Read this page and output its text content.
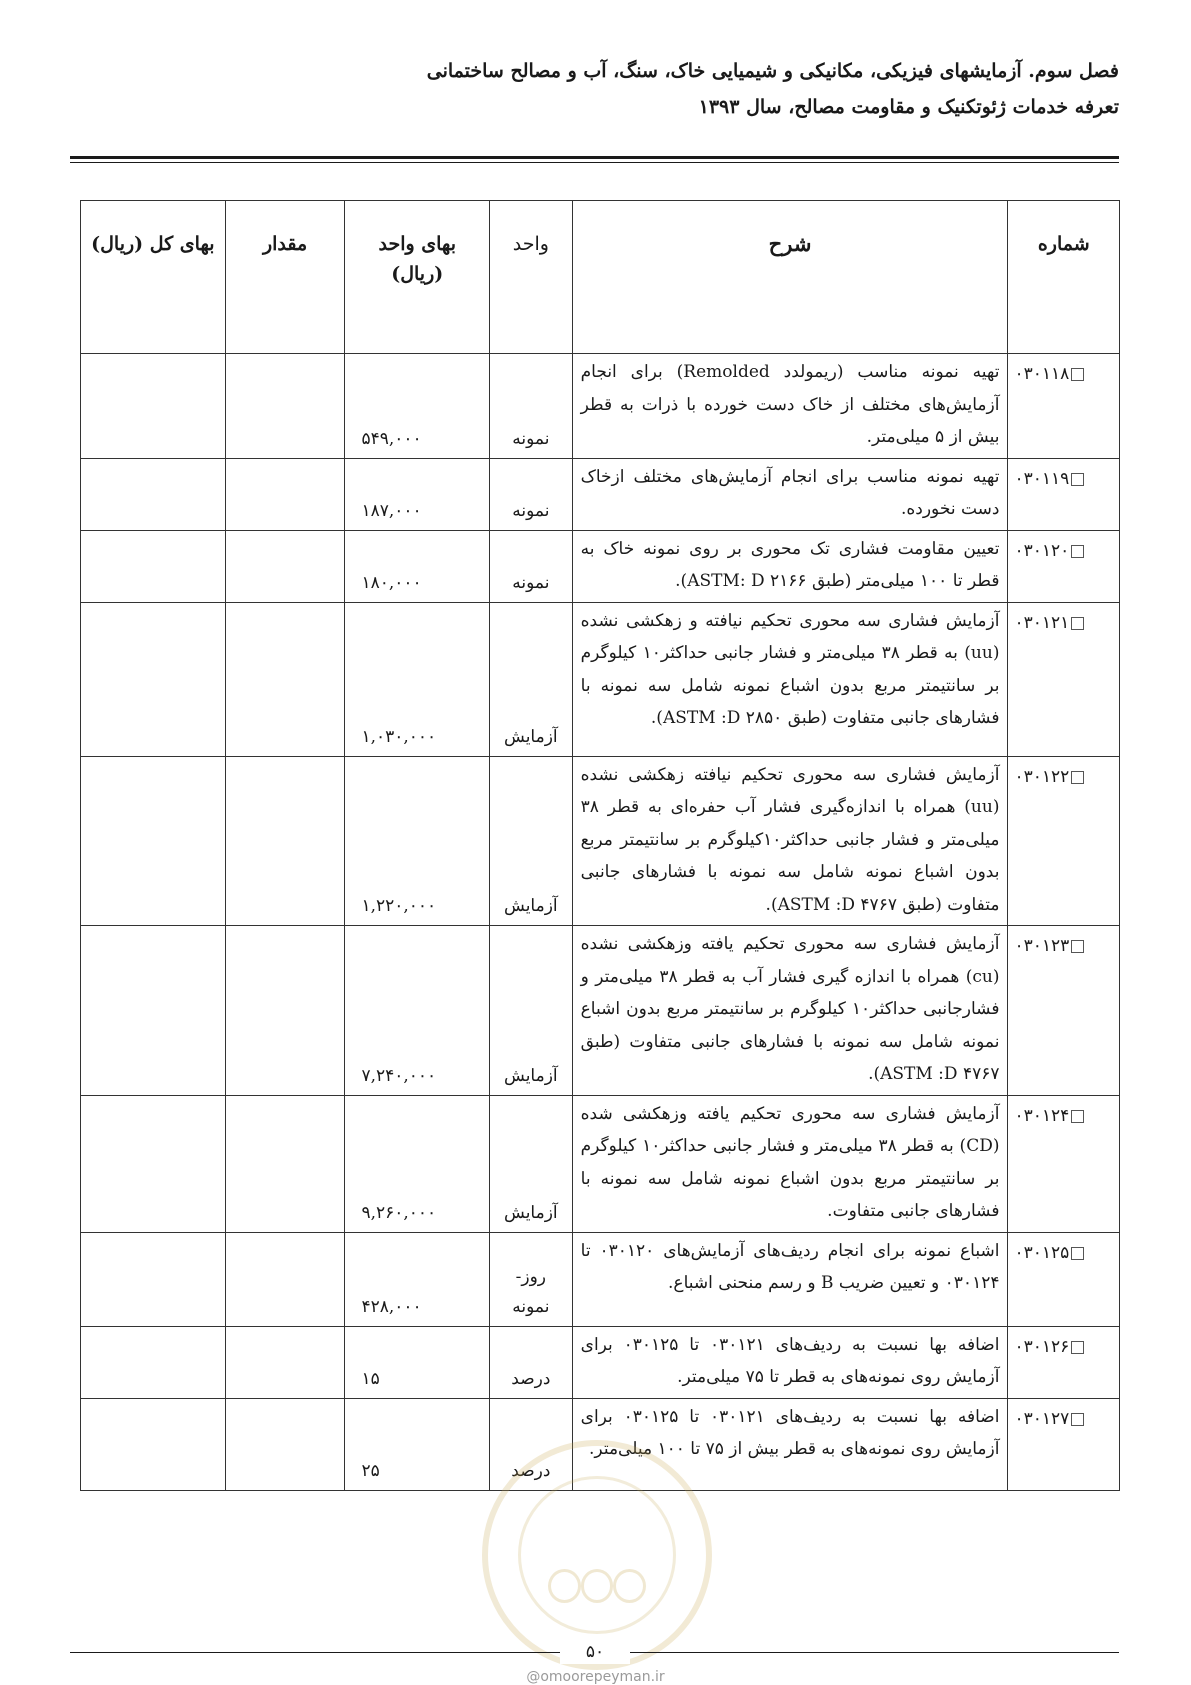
فصل سوم. آزمایشهای فیزیکی، مکانیکی و شیمیایی خاک، سنگ، آب و مصالح ساختمانی
تعرفه خدمات ژئوتکنیک و مقاومت مصالح، سال ۱۳۹۳
شماره	شرح	واحد	بهای واحد (ریال)	مقدار	بهای کل (ریال)
۰۳۰۱۱۸	تهیه نمونه مناسب (ریمولدد Remolded) برای انجام آزمایش‌های مختلف از خاک دست خورده با ذرات به قطر بیش از ۵ میلی‌متر.	نمونه	۵۴۹,۰۰۰		
۰۳۰۱۱۹	تهیه نمونه مناسب برای انجام آزمایش‌های مختلف ازخاک دست نخورده.	نمونه	۱۸۷,۰۰۰		
۰۳۰۱۲۰	تعیین مقاومت فشاری تک محوری بر روی نمونه خاک به قطر تا ۱۰۰ میلی‌متر (طبق ASTM: D ۲۱۶۶).	نمونه	۱۸۰,۰۰۰		
۰۳۰۱۲۱	آزمایش فشاری سه محوری تحکیم نیافته و زهکشی نشده (uu) به قطر ۳۸ میلی‌متر و فشار جانبی حداکثر۱۰ کیلوگرم بر سانتیمتر مربع بدون اشباع نمونه شامل سه نمونه با فشارهای جانبی متفاوت (طبق ASTM :D ۲۸۵۰).	آزمایش	۱,۰۳۰,۰۰۰		
۰۳۰۱۲۲	آزمایش فشاری سه محوری تحکیم نیافته زهکشی نشده (uu) همراه با اندازه‌گیری فشار آب حفره‌ای به قطر ۳۸ میلی‌متر و فشار جانبی حداکثر۱۰کیلوگرم بر سانتیمتر مربع بدون اشباع نمونه شامل سه نمونه با فشارهای جانبی متفاوت (طبق ASTM :D ۴۷۶۷).	آزمایش	۱,۲۲۰,۰۰۰		
۰۳۰۱۲۳	آزمایش فشاری سه محوری تحکیم یافته وزهکشی نشده (cu) همراه با اندازه گیری فشار آب به قطر ۳۸ میلی‌متر و فشارجانبی حداکثر۱۰ کیلوگرم بر سانتیمتر مربع بدون اشباع نمونه شامل سه نمونه با فشارهای جانبی متفاوت (طبق ASTM :D ۴۷۶۷).	آزمایش	۷,۲۴۰,۰۰۰		
۰۳۰۱۲۴	آزمایش فشاری سه محوری تحکیم یافته وزهکشی شده (CD) به قطر ۳۸ میلی‌متر و فشار جانبی حداکثر۱۰ کیلوگرم بر سانتیمتر مربع بدون اشباع نمونه شامل سه نمونه با فشارهای جانبی متفاوت.	آزمایش	۹,۲۶۰,۰۰۰		
۰۳۰۱۲۵	اشباع نمونه برای انجام ردیف‌های آزمایش‌های ۰۳۰۱۲۰ تا ۰۳۰۱۲۴ و تعیین ضریب B و رسم منحنی اشباع.	روز- نمونه	۴۲۸,۰۰۰		
۰۳۰۱۲۶	اضافه بها نسبت به ردیف‌های ۰۳۰۱۲۱ تا ۰۳۰۱۲۵ برای آزمایش روی نمونه‌های به قطر تا ۷۵ میلی‌متر.	درصد	۱۵		
۰۳۰۱۲۷	اضافه بها نسبت به ردیف‌های ۰۳۰۱۲۱ تا ۰۳۰۱۲۵ برای آزمایش روی نمونه‌های به قطر بیش از ۷۵ تا ۱۰۰ میلی‌متر.	درصد	۲۵		
۵۰
@omoorepeyman.ir
